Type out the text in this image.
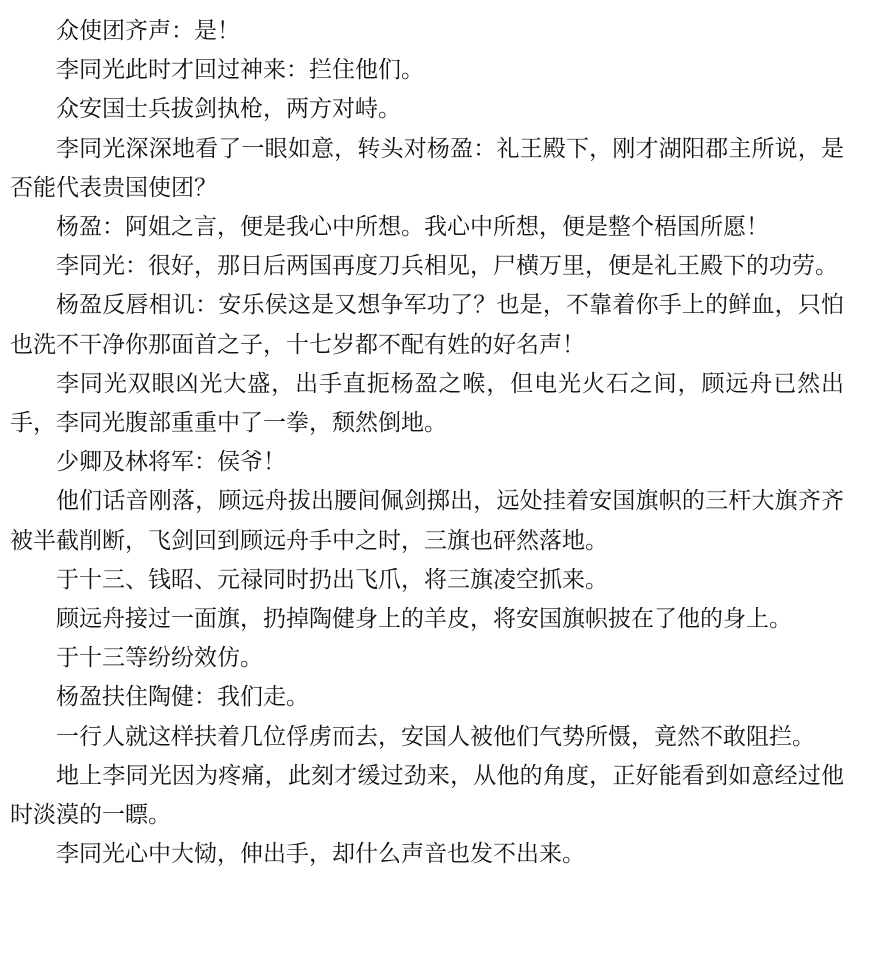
众使团齐声：是！

李同光此时才回过神来：拦住他们。

众安国士兵拔剑执枪，两方对峙。

李同光深深地看了一眼如意，转头对杨盈：礼王殿下，刚才湖阳郡主所说，是否能代表贵国使团？

杨盈：阿姐之言，便是我心中所想。我心中所想，便是整个梧国所愿！

李同光：很好，那日后两国再度刀兵相见，尸横万里，便是礼王殿下的功劳。

杨盈反唇相讥：安乐侯这是又想争军功了？也是，不靠着你手上的鲜血，只怕也洗不干净你那面首之子，十七岁都不配有姓的好名声！

李同光双眼凶光大盛，出手直扼杨盈之喉，但电光火石之间，顾远舟已然出手，李同光腹部重重中了一拳，颓然倒地。

少卿及林将军：侯爷！

他们话音刚落，顾远舟拔出腰间佩剑掷出，远处挂着安国旗帜的三杆大旗齐齐被半截削断，飞剑回到顾远舟手中之时，三旗也砰然落地。

于十三、钱昭、元禄同时扔出飞爪，将三旗凌空抓来。

顾远舟接过一面旗，扔掉陶健身上的羊皮，将安国旗帜披在了他的身上。

于十三等纷纷效仿。

杨盈扶住陶健：我们走。

一行人就这样扶着几位俘虏而去，安国人被他们气势所慑，竟然不敢阻拦。

地上李同光因为疼痛，此刻才缓过劲来，从他的角度，正好能看到如意经过他时淡漠的一瞟。

李同光心中大恸，伸出手，却什么声音也发不出来。
